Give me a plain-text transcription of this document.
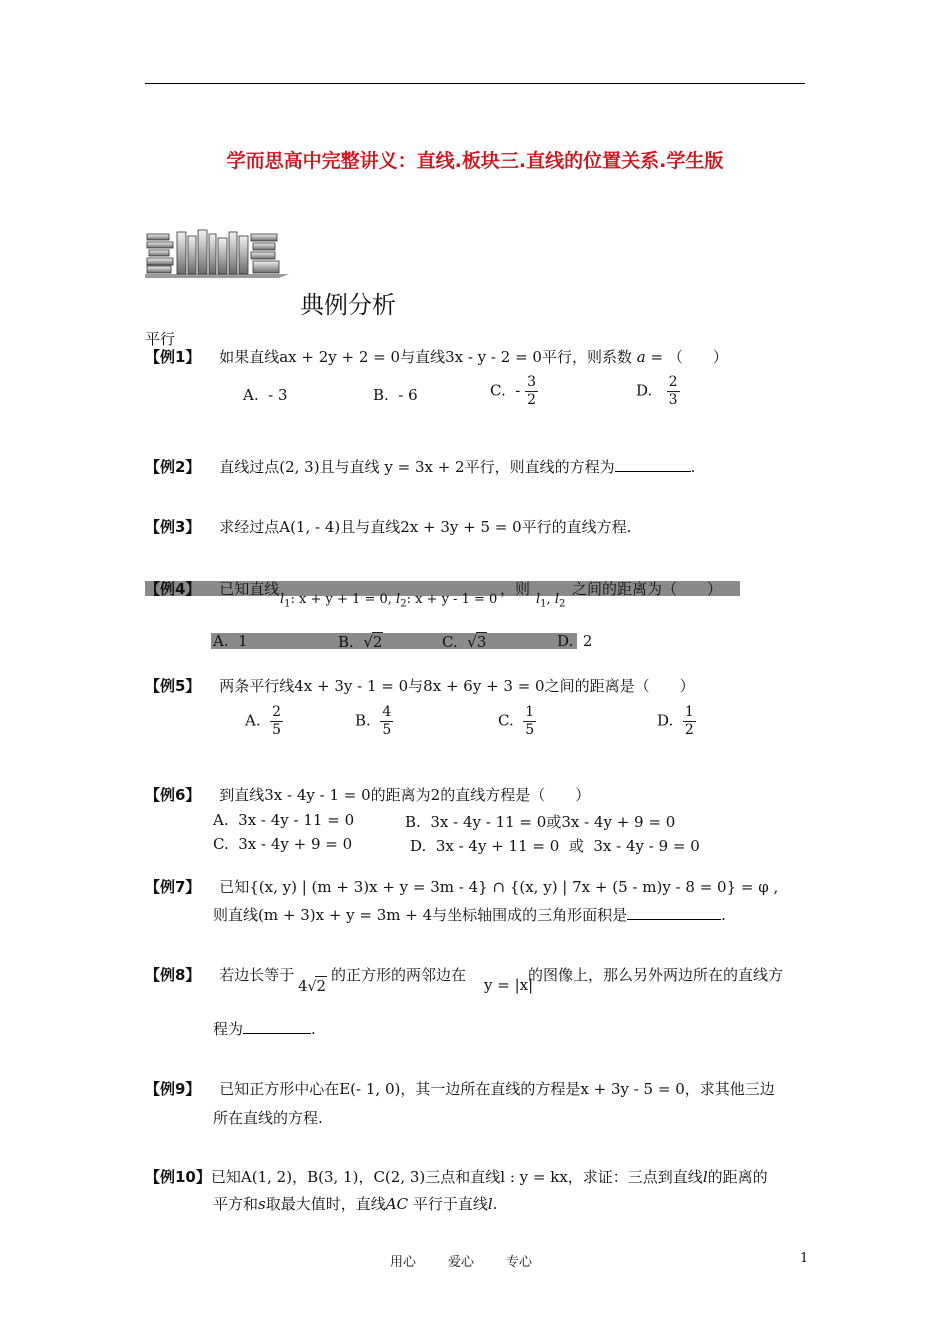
学而思高中完整讲义：直线.板块三.直线的位置关系.学生版
典例分析
平行
【例1】 如果直线ax + 2y + 2 = 0与直线3x - y - 2 = 0平行，则系数 a = （　　）
A. - 3	B. - 6	C. - $\frac{3}{2}$	D. $\frac{2}{3}$
【例2】 直线过点(2, 3)且与直线 y = 3x + 2平行，则直线的方程为	.
【例3】 求经过点A(1, - 4)且与直线2x + 3y + 5 = 0平行的直线方程.
【例4】 已知直线
$l_1$: x + y + 1 = 0, $l_2$: x + y - 1 = 0
，则
$l_1$, $l_2$
之间的距离为（　　）
A. 1	B.  √2	C.  √3	D. 2
【例5】 两条平行线4x + 3y - 1 = 0与8x + 6y + 3 = 0之间的距离是（　　）
A. $\frac{2}{5}$	B. $\frac{4}{5}$	C. $\frac{1}{5}$	D. $\frac{1}{2}$
【例6】 到直线3x - 4y - 1 = 0的距离为2的直线方程是（　　）
A. 3x - 4y - 11 = 0	B. 3x - 4y - 11 = 0或3x - 4y + 9 = 0
C. 3x - 4y + 9 = 0	D. 3x - 4y + 11 = 0 或 3x - 4y - 9 = 0
【例7】 已知{(x, y) | (m + 3)x + y = 3m - 4} ∩ {(x, y) | 7x + (5 - m)y - 8 = 0} = φ ,
则直线(m + 3)x + y = 3m + 4与坐标轴围成的三角形面积是	.
【例8】 若边长等于
4√2
的正方形的两邻边在
y = |x|
的图像上，那么另外两边所在的直线方
程为	.
【例9】 已知正方形中心在E(- 1, 0)，其一边所在直线的方程是x + 3y - 5 = 0，求其他三边
所在直线的方程.
【例10】已知A(1, 2)，B(3, 1)，C(2, 3)三点和直线l : y = kx，求证：三点到直线l的距离的
平方和s取最大值时，直线AC 平行于直线l.
用心 爱心 专心	1
